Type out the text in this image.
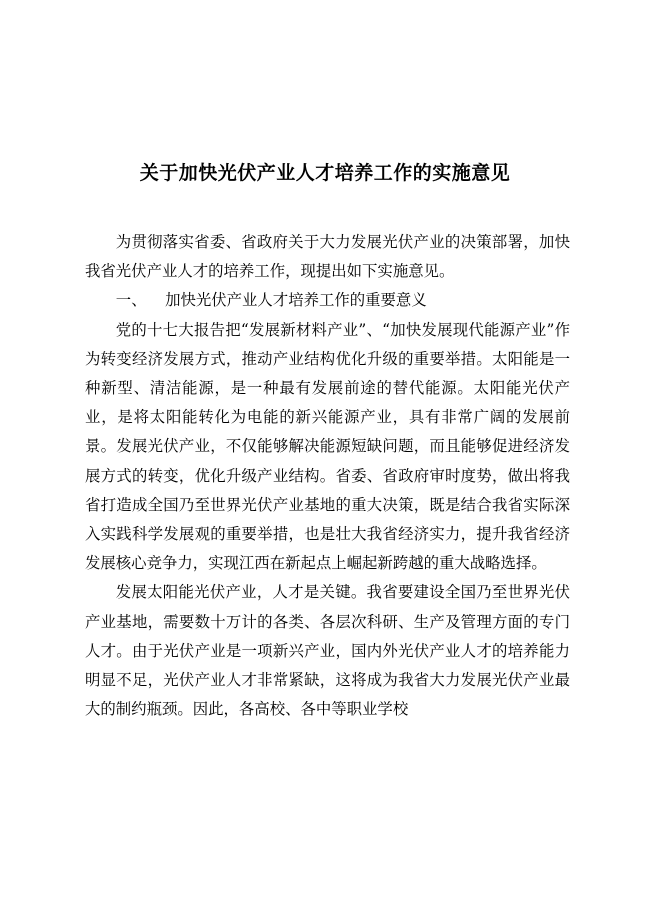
关于加快光伏产业人才培养工作的实施意见

为贯彻落实省委、省政府关于大力发展光伏产业的决策部署，加快我省光伏产业人才的培养工作，现提出如下实施意见。

一、 加快光伏产业人才培养工作的重要意义

党的十七大报告把“发展新材料产业”、“加快发展现代能源产业”作为转变经济发展方式，推动产业结构优化升级的重要举措。太阳能是一种新型、清洁能源，是一种最有发展前途的替代能源。太阳能光伏产业，是将太阳能转化为电能的新兴能源产业，具有非常广阔的发展前景。发展光伏产业，不仅能够解决能源短缺问题，而且能够促进经济发展方式的转变，优化升级产业结构。省委、省政府审时度势，做出将我省打造成全国乃至世界光伏产业基地的重大决策，既是结合我省实际深入实践科学发展观的重要举措，也是壮大我省经济实力，提升我省经济发展核心竞争力，实现江西在新起点上崛起新跨越的重大战略选择。

发展太阳能光伏产业，人才是关键。我省要建设全国乃至世界光伏产业基地，需要数十万计的各类、各层次科研、生产及管理方面的专门人才。由于光伏产业是一项新兴产业，国内外光伏产业人才的培养能力明显不足，光伏产业人才非常紧缺，这将成为我省大力发展光伏产业最大的制约瓶颈。因此，各高校、各中等职业学校
